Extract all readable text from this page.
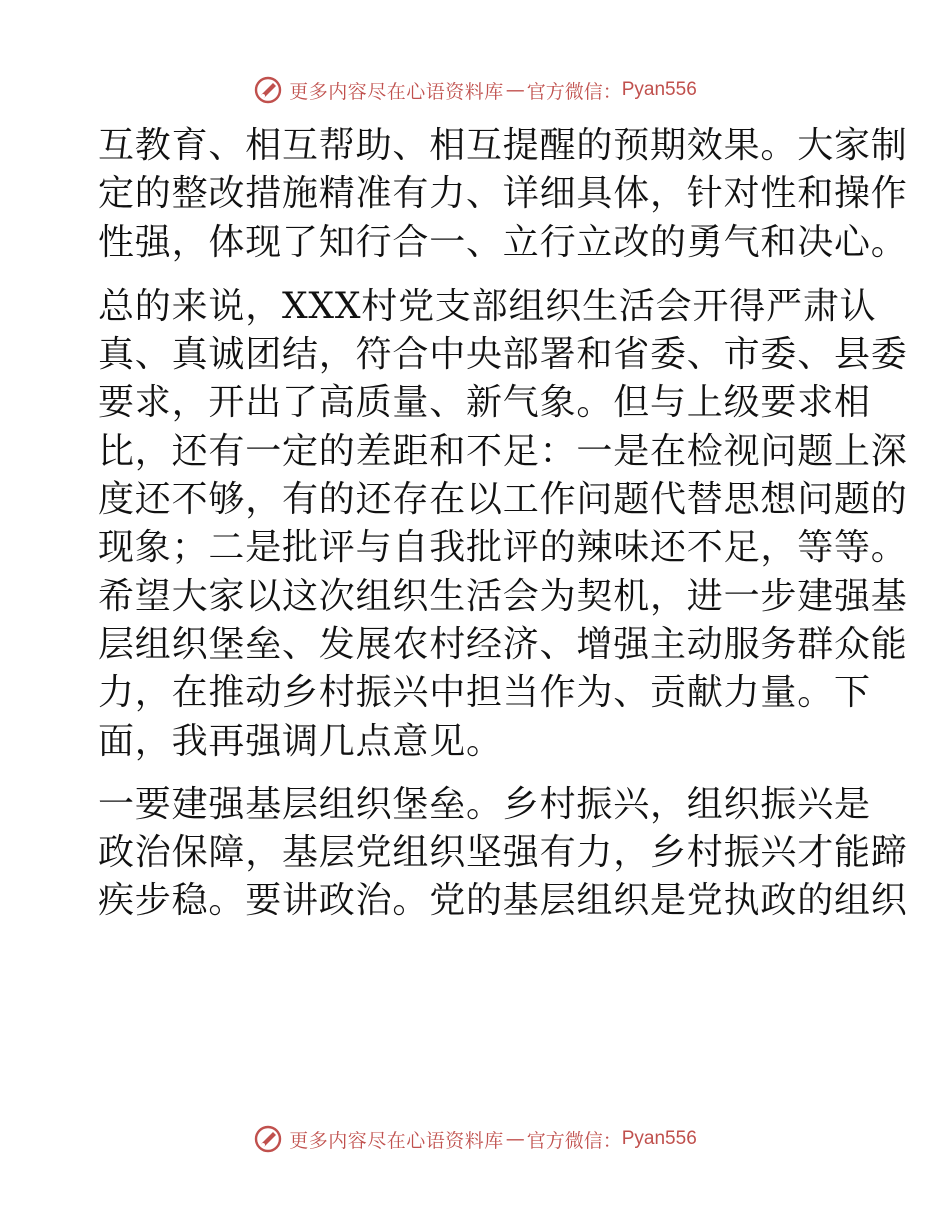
更多内容尽在心语资料库 — 官方微信： Pyan556

互教育、相互帮助、相互提醒的预期效果。大家制
定的整改措施精准有力、详细具体，针对性和操作
性强，体现了知行合一、立行立改的勇气和决心。

总的来说，XXX村党支部组织生活会开得严肃认
真、真诚团结，符合中央部署和省委、市委、县委
要求，开出了高质量、新气象。但与上级要求相
比，还有一定的差距和不足：一是在检视问题上深
度还不够，有的还存在以工作问题代替思想问题的
现象；二是批评与自我批评的辣味还不足，等等。
希望大家以这次组织生活会为契机，进一步建强基
层组织堡垒、发展农村经济、增强主动服务群众能
力，在推动乡村振兴中担当作为、贡献力量。下
面，我再强调几点意见。

一要建强基层组织堡垒。乡村振兴，组织振兴是
政治保障，基层党组织坚强有力，乡村振兴才能蹄
疾步稳。要讲政治。党的基层组织是党执政的组织

更多内容尽在心语资料库 — 官方微信： Pyan556
